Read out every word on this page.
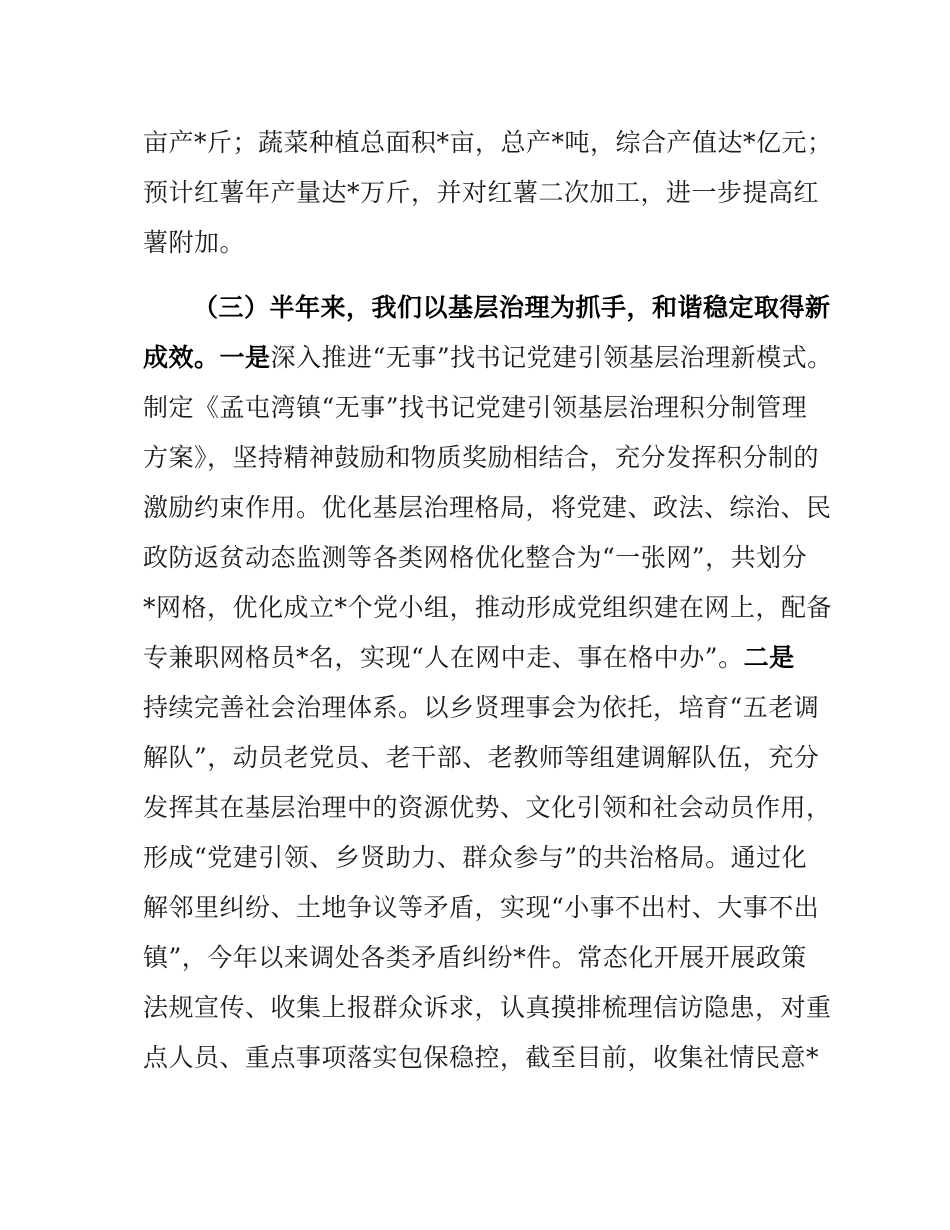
亩产*斤；蔬菜种植总面积*亩，总产*吨，综合产值达*亿元；
预计红薯年产量达*万斤，并对红薯二次加工，进一步提高红
薯附加。
（三）半年来，我们以基层治理为抓手，和谐稳定取得新
成效。一是深入推进“无事”找书记党建引领基层治理新模式。
制定《孟屯湾镇“无事”找书记党建引领基层治理积分制管理
方案》，坚持精神鼓励和物质奖励相结合，充分发挥积分制的
激励约束作用。优化基层治理格局，将党建、政法、综治、民
政防返贫动态监测等各类网格优化整合为“一张网”，共划分
*网格，优化成立*个党小组，推动形成党组织建在网上，配备
专兼职网格员*名，实现“人在网中走、事在格中办”。二是
持续完善社会治理体系。以乡贤理事会为依托，培育“五老调
解队”，动员老党员、老干部、老教师等组建调解队伍，充分
发挥其在基层治理中的资源优势、文化引领和社会动员作用，
形成“党建引领、乡贤助力、群众参与”的共治格局。通过化
解邻里纠纷、土地争议等矛盾，实现“小事不出村、大事不出
镇”，今年以来调处各类矛盾纠纷*件。常态化开展开展政策
法规宣传、收集上报群众诉求，认真摸排梳理信访隐患，对重
点人员、重点事项落实包保稳控，截至目前，收集社情民意*
